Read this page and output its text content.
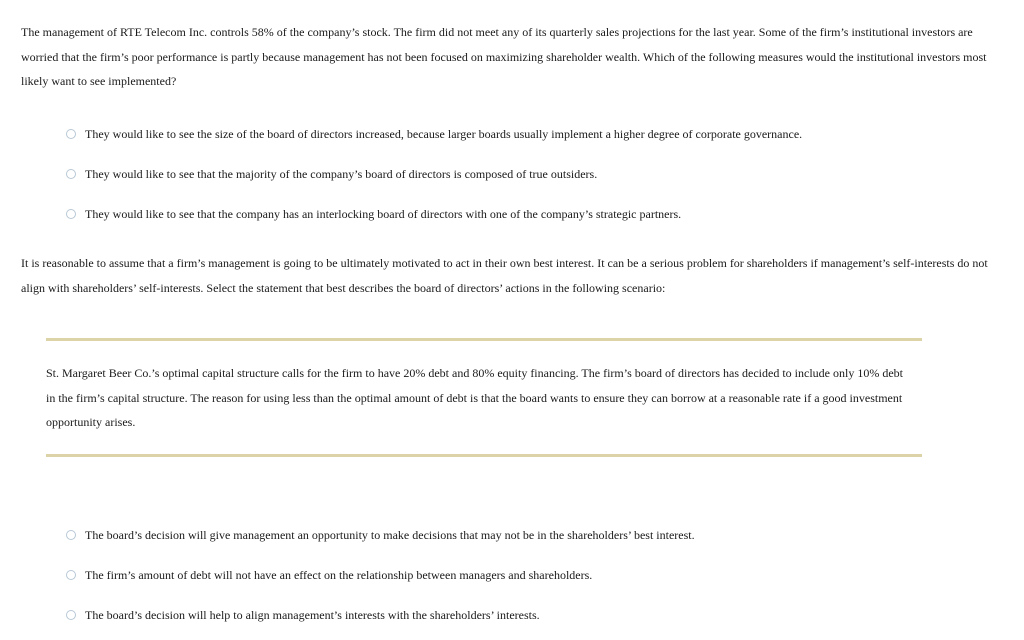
The management of RTE Telecom Inc. controls 58% of the company’s stock. The firm did not meet any of its quarterly sales projections for the last year. Some of the firm’s institutional investors are worried that the firm’s poor performance is partly because management has not been focused on maximizing shareholder wealth. Which of the following measures would the institutional investors most likely want to see implemented?

They would like to see the size of the board of directors increased, because larger boards usually implement a higher degree of corporate governance.
They would like to see that the majority of the company’s board of directors is composed of true outsiders.
They would like to see that the company has an interlocking board of directors with one of the company’s strategic partners.

It is reasonable to assume that a firm’s management is going to be ultimately motivated to act in their own best interest. It can be a serious problem for shareholders if management’s self-interests do not align with shareholders’ self-interests. Select the statement that best describes the board of directors’ actions in the following scenario:

St. Margaret Beer Co.’s optimal capital structure calls for the firm to have 20% debt and 80% equity financing. The firm’s board of directors has decided to include only 10% debt in the firm’s capital structure. The reason for using less than the optimal amount of debt is that the board wants to ensure they can borrow at a reasonable rate if a good investment opportunity arises.

The board’s decision will give management an opportunity to make decisions that may not be in the shareholders’ best interest.
The firm’s amount of debt will not have an effect on the relationship between managers and shareholders.
The board’s decision will help to align management’s interests with the shareholders’ interests.
